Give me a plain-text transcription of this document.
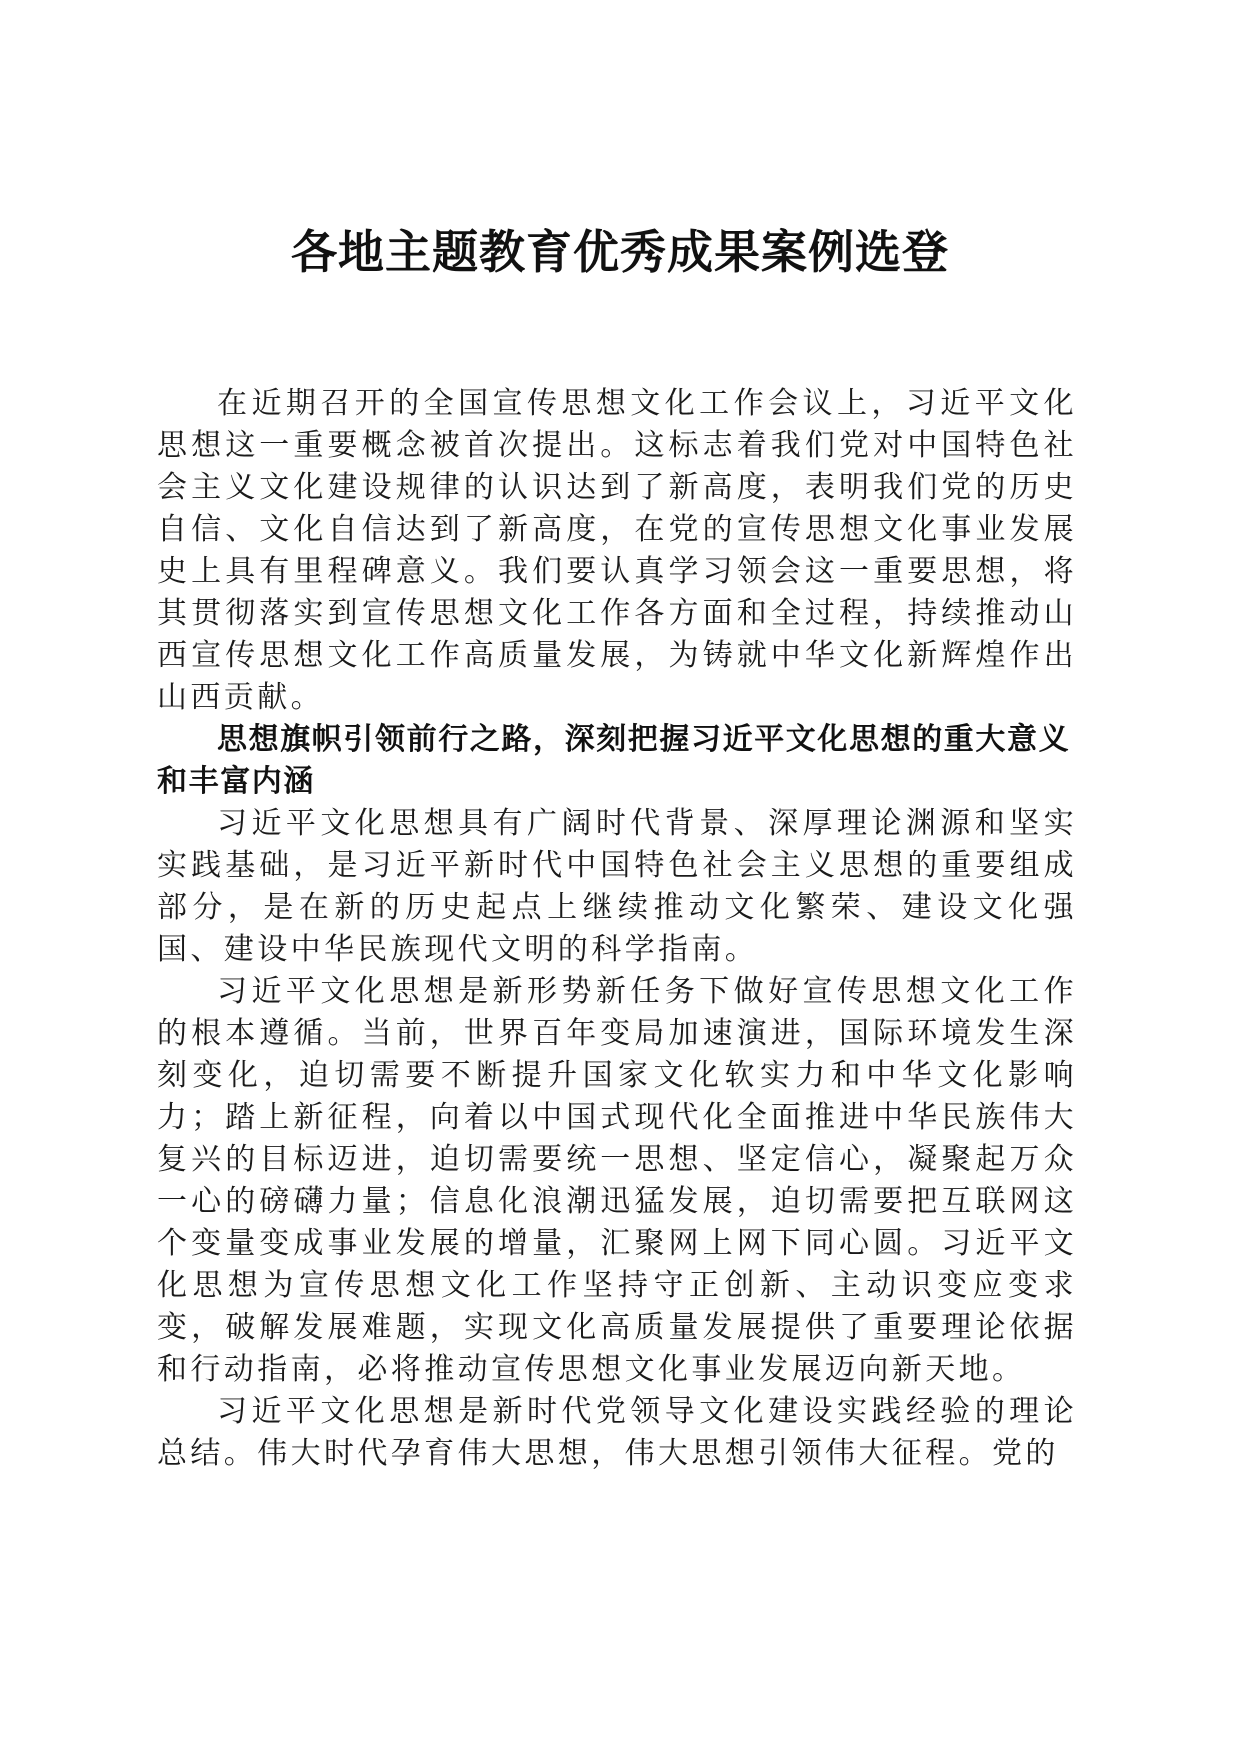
各地主题教育优秀成果案例选登

在近期召开的全国宣传思想文化工作会议上，习近平文化思想这一重要概念被首次提出。这标志着我们党对中国特色社会主义文化建设规律的认识达到了新高度，表明我们党的历史自信、文化自信达到了新高度，在党的宣传思想文化事业发展史上具有里程碑意义。我们要认真学习领会这一重要思想，将其贯彻落实到宣传思想文化工作各方面和全过程，持续推动山西宣传思想文化工作高质量发展，为铸就中华文化新辉煌作出山西贡献。

思想旗帜引领前行之路，深刻把握习近平文化思想的重大意义和丰富内涵

习近平文化思想具有广阔时代背景、深厚理论渊源和坚实实践基础，是习近平新时代中国特色社会主义思想的重要组成部分，是在新的历史起点上继续推动文化繁荣、建设文化强国、建设中华民族现代文明的科学指南。

习近平文化思想是新形势新任务下做好宣传思想文化工作的根本遵循。当前，世界百年变局加速演进，国际环境发生深刻变化，迫切需要不断提升国家文化软实力和中华文化影响力；踏上新征程，向着以中国式现代化全面推进中华民族伟大复兴的目标迈进，迫切需要统一思想、坚定信心，凝聚起万众一心的磅礴力量；信息化浪潮迅猛发展，迫切需要把互联网这个变量变成事业发展的增量，汇聚网上网下同心圆。习近平文化思想为宣传思想文化工作坚持守正创新、主动识变应变求变，破解发展难题，实现文化高质量发展提供了重要理论依据和行动指南，必将推动宣传思想文化事业发展迈向新天地。

习近平文化思想是新时代党领导文化建设实践经验的理论总结。伟大时代孕育伟大思想，伟大思想引领伟大征程。党的
